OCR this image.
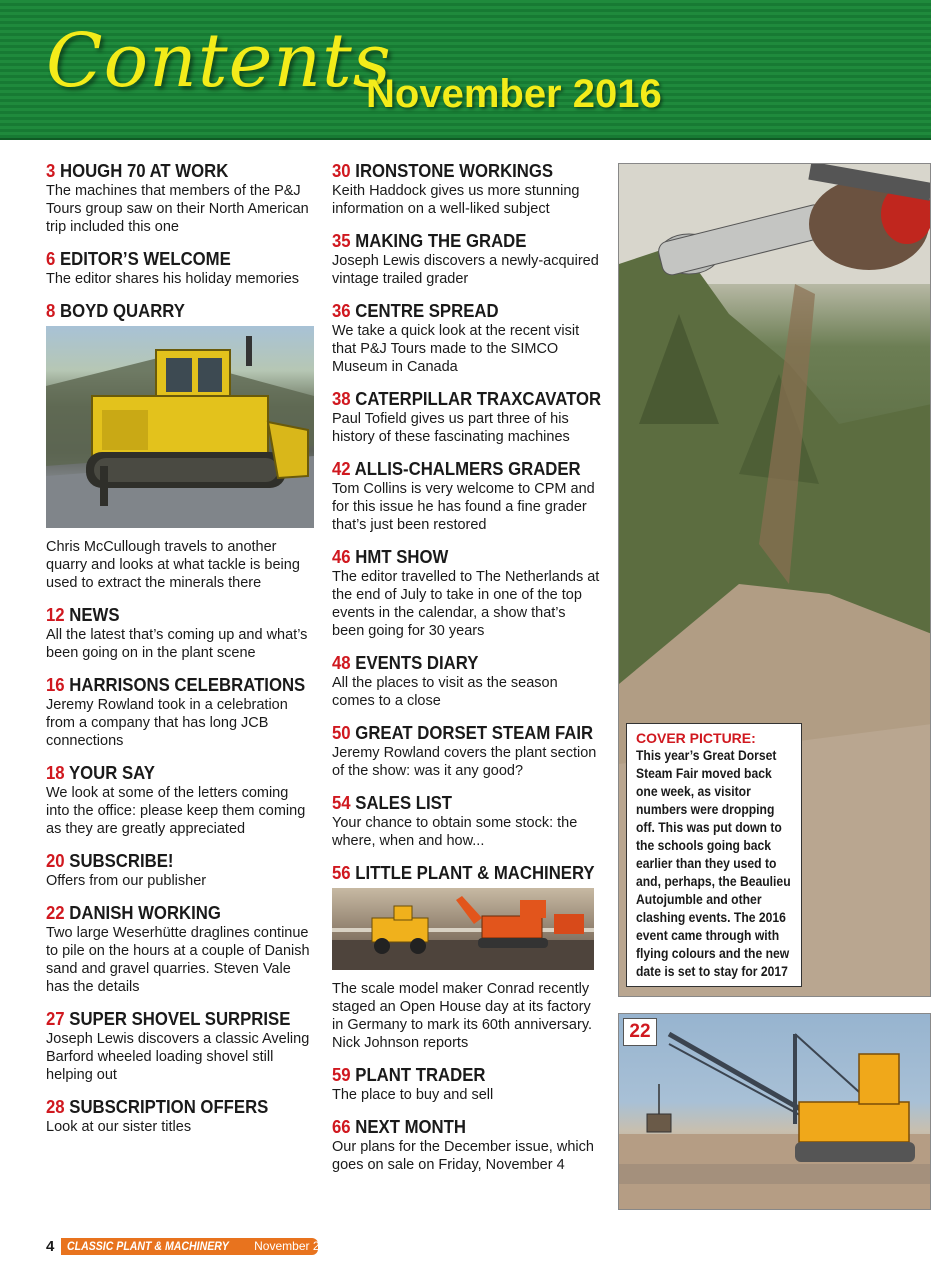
Contents
November 2016
3 HOUGH 70 AT WORK
The machines that members of the P&J Tours group saw on their North American trip included this one
6 EDITOR’S WELCOME
The editor shares his holiday memories
8 BOYD QUARRY
Chris McCullough travels to another quarry and looks at what tackle is being used to extract the minerals there
12 NEWS
All the latest that’s coming up and what’s been going on in the plant scene
16 HARRISONS CELEBRATIONS
Jeremy Rowland took in a celebration from a company that has long JCB connections
18 YOUR SAY
We look at some of the letters coming into the office: please keep them coming as they are greatly appreciated
20 SUBSCRIBE!
Offers from our publisher
22 DANISH WORKING
Two large Weserhütte draglines continue to pile on the hours at a couple of Danish sand and gravel quarries. Steven Vale has the details
27 SUPER SHOVEL SURPRISE
Joseph Lewis discovers a classic Aveling Barford wheeled loading shovel still helping out
28 SUBSCRIPTION OFFERS
Look at our sister titles
30 IRONSTONE WORKINGS
Keith Haddock gives us more stunning information on a well-liked subject
35 MAKING THE GRADE
Joseph Lewis discovers a newly-acquired vintage trailed grader
36 CENTRE SPREAD
We take a quick look at the recent visit that P&J Tours made to the SIMCO Museum in Canada
38 CATERPILLAR TRAXCAVATOR
Paul Tofield gives us part three of his history of these fascinating machines
42 ALLIS-CHALMERS GRADER
Tom Collins is very welcome to CPM and for this issue he has found a fine grader that’s just been restored
46 HMT SHOW
The editor travelled to The Netherlands at the end of July to take in one of the top events in the calendar, a show that’s been going for 30 years
48 EVENTS DIARY
All the places to visit as the season comes to a close
50 GREAT DORSET STEAM FAIR
Jeremy Rowland covers the plant section of the show: was it any good?
54 SALES LIST
Your chance to obtain some stock: the where, when and how...
56 LITTLE PLANT & MACHINERY
The scale model maker Conrad recently staged an Open House day at its factory in Germany to mark its 60th anniversary. Nick Johnson reports
59 PLANT TRADER
The place to buy and sell
66 NEXT MONTH
Our plans for the December issue, which goes on sale on Friday, November 4
COVER PICTURE:
This year’s Great Dorset Steam Fair moved back one week, as visitor numbers were dropping off. This was put down to the schools going back earlier than they used to and, perhaps, the Beaulieu Autojumble and other clashing events. The 2016 event came through with flying colours and the new date is set to stay for 2017
22
4	CLASSIC PLANT & MACHINERY November 2016
